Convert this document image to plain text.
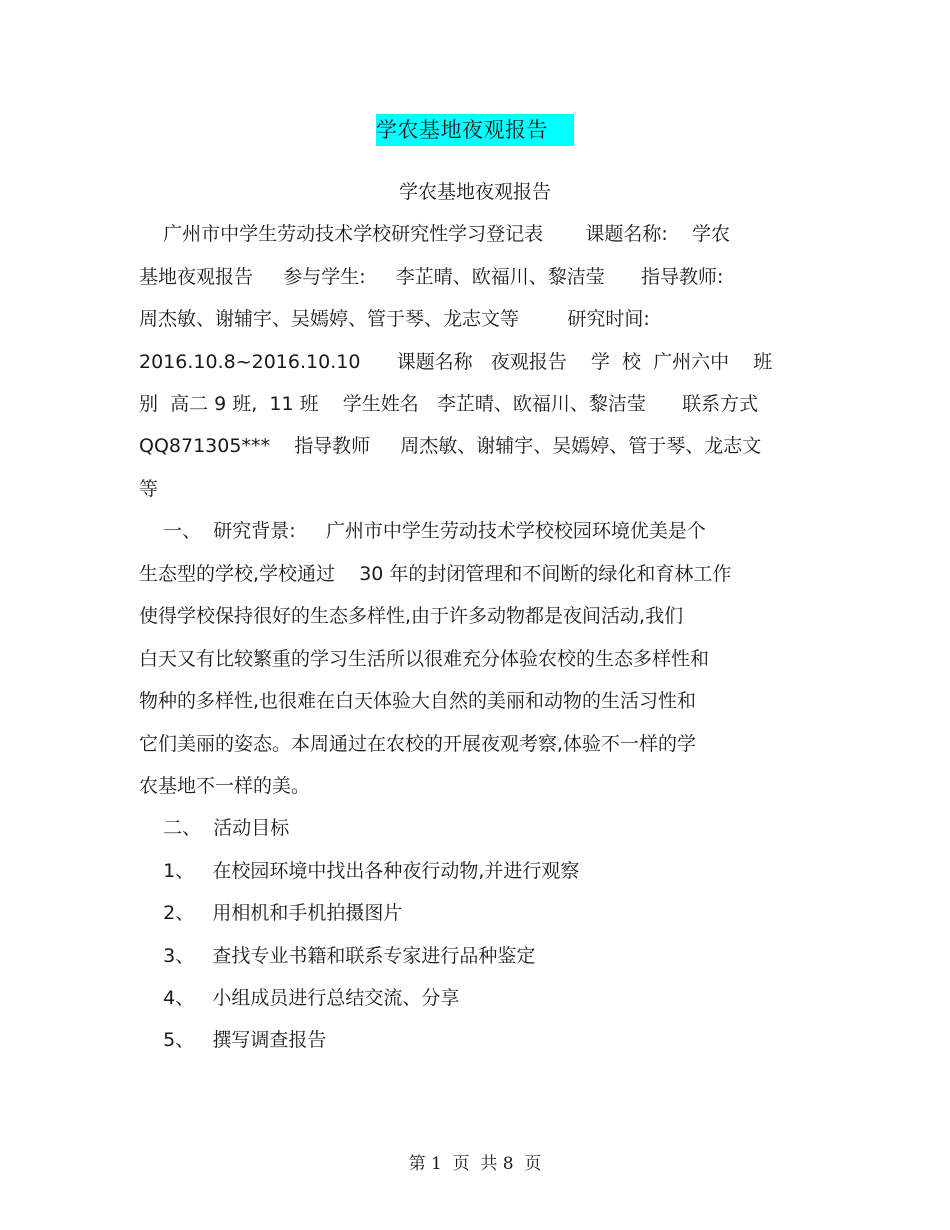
学农基地夜观报告
学农基地夜观报告
广州市中学生劳动技术学校研究性学习登记表       课题名称:    学农
基地夜观报告     参与学生:     李芷晴、欧福川、黎洁莹      指导教师:
周杰敏、谢辅宇、吴嫣婷、管于琴、龙志文等        研究时间:
2016.10.8~2016.10.10      课题名称   夜观报告    学  校  广州六中    班
别  高二 9 班,  11 班    学生姓名   李芷晴、欧福川、黎洁莹      联系方式
QQ871305***    指导教师     周杰敏、谢辅宇、吴嫣婷、管于琴、龙志文
等
一、  研究背景:     广州市中学生劳动技术学校校园环境优美是个
生态型的学校,学校通过    30 年的封闭管理和不间断的绿化和育林工作
使得学校保持很好的生态多样性,由于许多动物都是夜间活动,我们
白天又有比较繁重的学习生活所以很难充分体验农校的生态多样性和
物种的多样性,也很难在白天体验大自然的美丽和动物的生活习性和
它们美丽的姿态。本周通过在农校的开展夜观考察,体验不一样的学
农基地不一样的美。
二、  活动目标
1、   在校园环境中找出各种夜行动物,并进行观察
2、   用相机和手机拍摄图片
3、   查找专业书籍和联系专家进行品种鉴定
4、   小组成员进行总结交流、分享
5、   撰写调查报告
第 1  页  共 8  页
